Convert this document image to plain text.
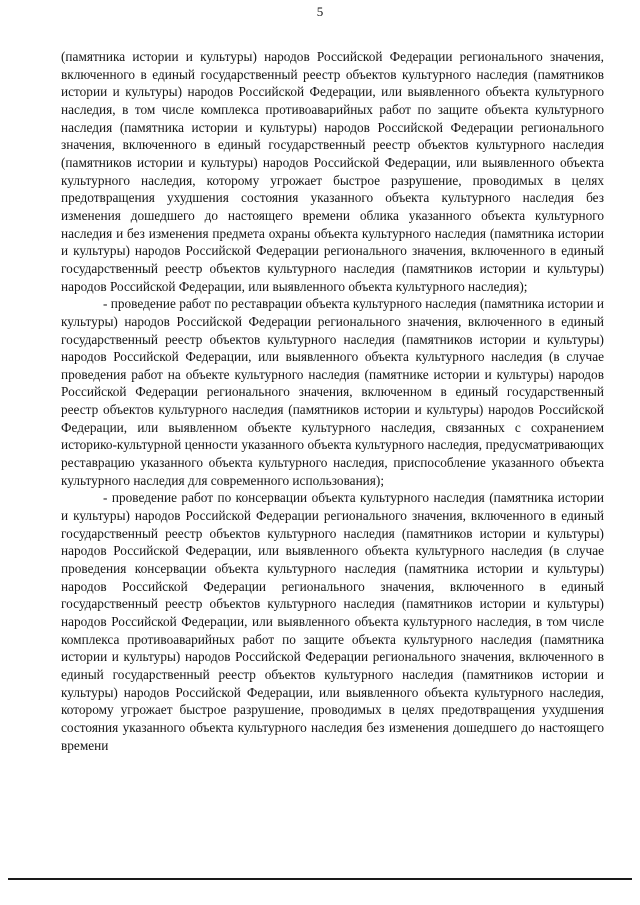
5

(памятника истории и культуры) народов Российской Федерации регионального значения, включенного в единый государственный реестр объектов культурного наследия (памятников истории и культуры) народов Российской Федерации, или выявленного объекта культурного наследия, в том числе комплекса противоаварийных работ по защите объекта культурного наследия (памятника истории и культуры) народов Российской Федерации регионального значения, включенного в единый государственный реестр объектов культурного наследия (памятников истории и культуры) народов Российской Федерации, или выявленного объекта культурного наследия, которому угрожает быстрое разрушение, проводимых в целях предотвращения ухудшения состояния указанного объекта культурного наследия без изменения дошедшего до настоящего времени облика указанного объекта культурного наследия и без изменения предмета охраны объекта культурного наследия (памятника истории и культуры) народов Российской Федерации регионального значения, включенного в единый государственный реестр объектов культурного наследия (памятников истории и культуры) народов Российской Федерации, или выявленного объекта культурного наследия);

- проведение работ по реставрации объекта культурного наследия (памятника истории и культуры) народов Российской Федерации регионального значения, включенного в единый государственный реестр объектов культурного наследия (памятников истории и культуры) народов Российской Федерации, или выявленного объекта культурного наследия (в случае проведения работ на объекте культурного наследия (памятнике истории и культуры) народов Российской Федерации регионального значения, включенном в единый государственный реестр объектов культурного наследия (памятников истории и культуры) народов Российской Федерации, или выявленном объекте культурного наследия, связанных с сохранением историко-культурной ценности указанного объекта культурного наследия, предусматривающих реставрацию указанного объекта культурного наследия, приспособление указанного объекта культурного наследия для современного использования);

- проведение работ по консервации объекта культурного наследия (памятника истории и культуры) народов Российской Федерации регионального значения, включенного в единый государственный реестр объектов культурного наследия (памятников истории и культуры) народов Российской Федерации, или выявленного объекта культурного наследия (в случае проведения консервации объекта культурного наследия (памятника истории и культуры) народов Российской Федерации регионального значения, включенного в единый государственный реестр объектов культурного наследия (памятников истории и культуры) народов Российской Федерации, или выявленного объекта культурного наследия, в том числе комплекса противоаварийных работ по защите объекта культурного наследия (памятника истории и культуры) народов Российской Федерации регионального значения, включенного в единый государственный реестр объектов культурного наследия (памятников истории и культуры) народов Российской Федерации, или выявленного объекта культурного наследия, которому угрожает быстрое разрушение, проводимых в целях предотвращения ухудшения состояния указанного объекта культурного наследия без изменения дошедшего до настоящего времени
